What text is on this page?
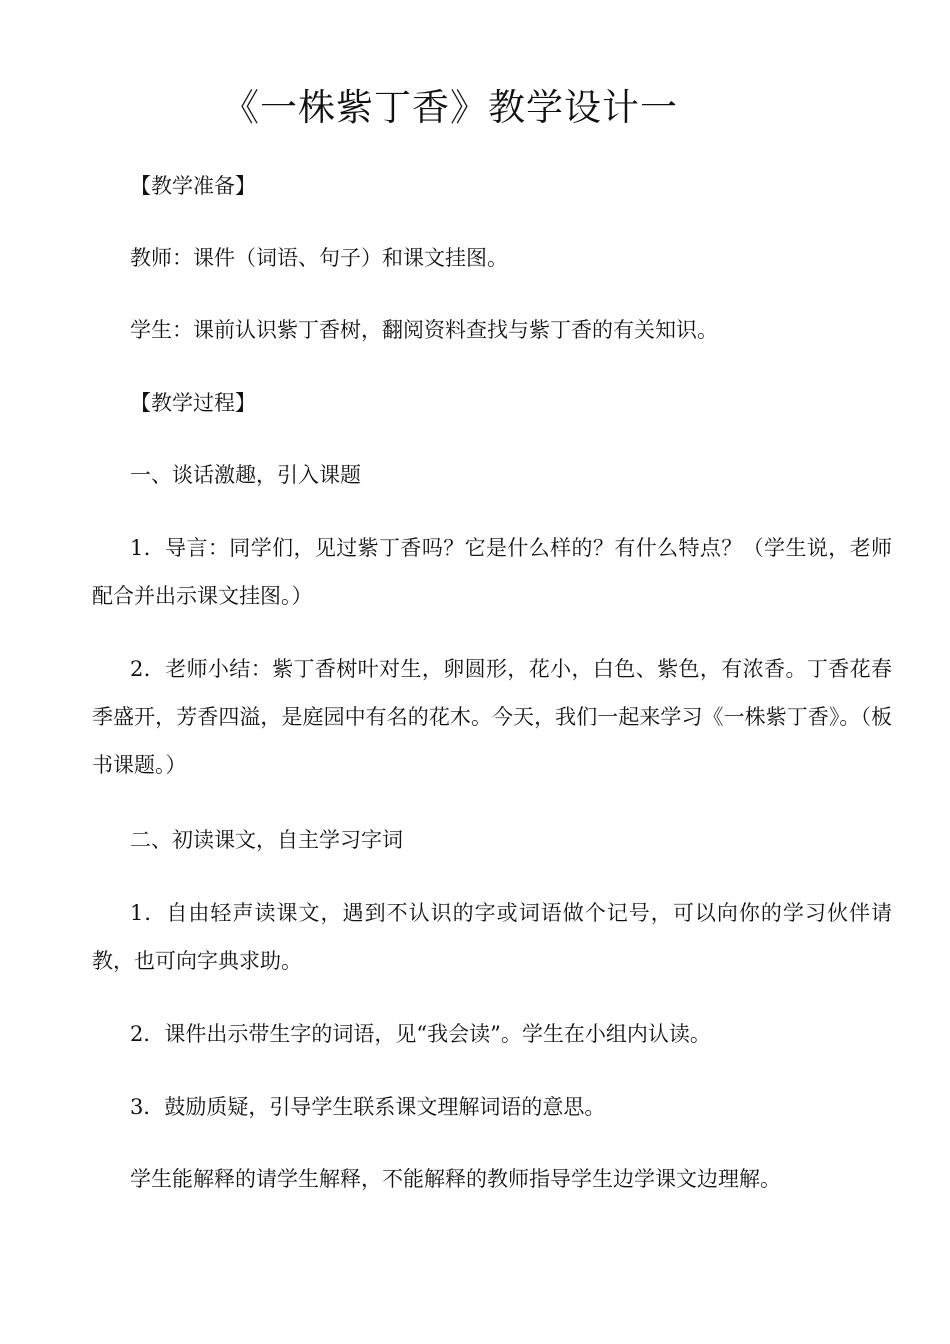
《一株紫丁香》教学设计一

【教学准备】

教师：课件（词语、句子）和课文挂图。

学生：课前认识紫丁香树，翻阅资料查找与紫丁香的有关知识。

【教学过程】

一、谈话激趣，引入课题

1．导言：同学们，见过紫丁香吗？它是什么样的？有什么特点？（学生说，老师配合并出示课文挂图。）

2．老师小结：紫丁香树叶对生，卵圆形，花小，白色、紫色，有浓香。丁香花春季盛开，芳香四溢，是庭园中有名的花木。今天，我们一起来学习《一株紫丁香》。（板书课题。）

二、初读课文，自主学习字词

1．自由轻声读课文，遇到不认识的字或词语做个记号，可以向你的学习伙伴请教，也可向字典求助。

2．课件出示带生字的词语，见“我会读”。学生在小组内认读。

3．鼓励质疑，引导学生联系课文理解词语的意思。

学生能解释的请学生解释，不能解释的教师指导学生边学课文边理解。
